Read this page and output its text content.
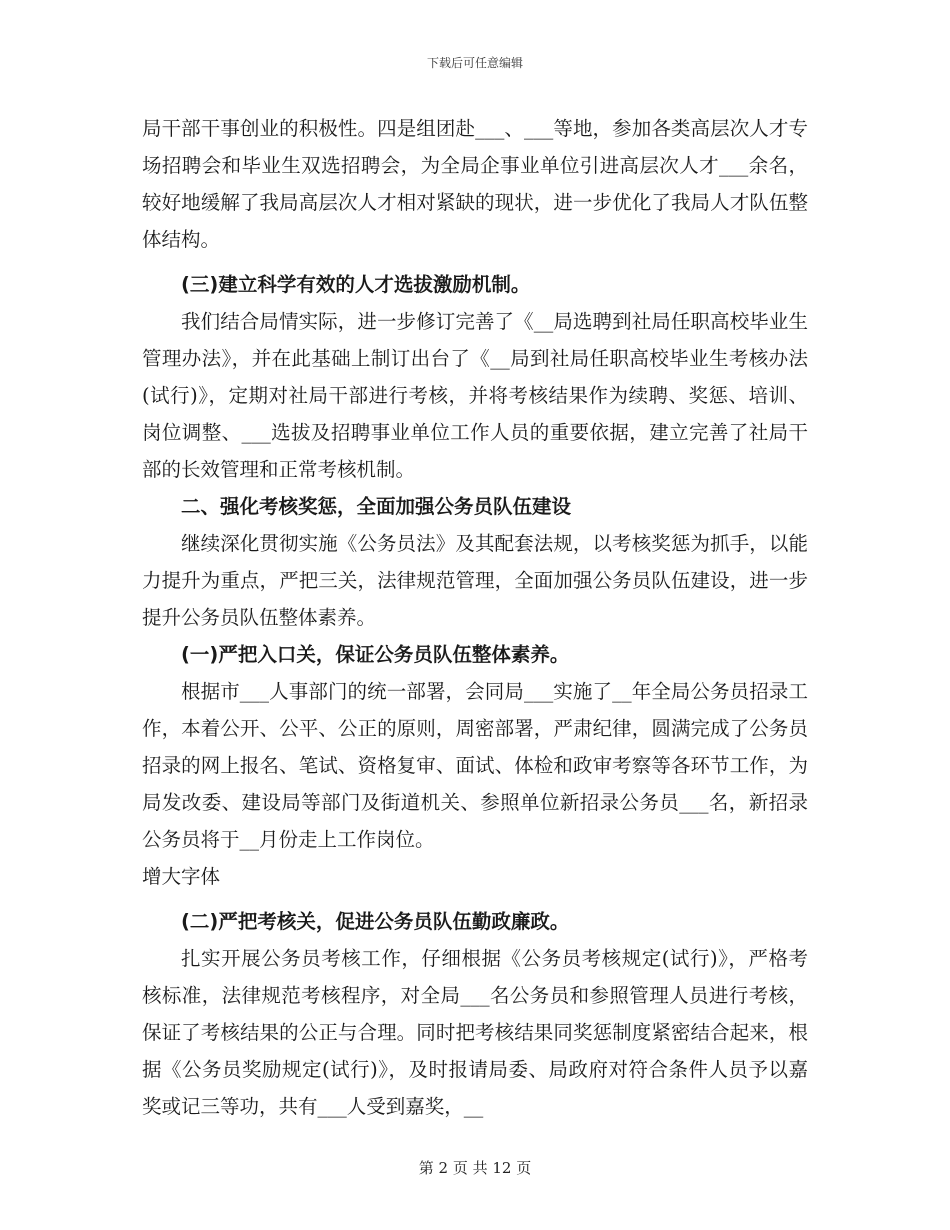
下载后可任意编辑

局干部干事创业的积极性。四是组团赴___、___等地，参加各类高层次人才专场招聘会和毕业生双选招聘会，为全局企事业单位引进高层次人才___余名，较好地缓解了我局高层次人才相对紧缺的现状，进一步优化了我局人才队伍整体结构。

(三)建立科学有效的人才选拔激励机制。

我们结合局情实际，进一步修订完善了《__局选聘到社局任职高校毕业生管理办法》，并在此基础上制订出台了《__局到社局任职高校毕业生考核办法(试行)》，定期对社局干部进行考核，并将考核结果作为续聘、奖惩、培训、岗位调整、___选拔及招聘事业单位工作人员的重要依据，建立完善了社局干部的长效管理和正常考核机制。

二、强化考核奖惩，全面加强公务员队伍建设

继续深化贯彻实施《公务员法》及其配套法规，以考核奖惩为抓手，以能力提升为重点，严把三关，法律规范管理，全面加强公务员队伍建设，进一步提升公务员队伍整体素养。

(一)严把入口关，保证公务员队伍整体素养。

根据市___人事部门的统一部署，会同局___实施了__年全局公务员招录工作，本着公开、公平、公正的原则，周密部署，严肃纪律，圆满完成了公务员招录的网上报名、笔试、资格复审、面试、体检和政审考察等各环节工作，为局发改委、建设局等部门及街道机关、参照单位新招录公务员___名，新招录公务员将于__月份走上工作岗位。

增大字体

(二)严把考核关，促进公务员队伍勤政廉政。

扎实开展公务员考核工作，仔细根据《公务员考核规定(试行)》，严格考核标准，法律规范考核程序，对全局___名公务员和参照管理人员进行考核，保证了考核结果的公正与合理。同时把考核结果同奖惩制度紧密结合起来，根据《公务员奖励规定(试行)》，及时报请局委、局政府对符合条件人员予以嘉奖或记三等功，共有___人受到嘉奖，__

第 2 页 共 12 页
